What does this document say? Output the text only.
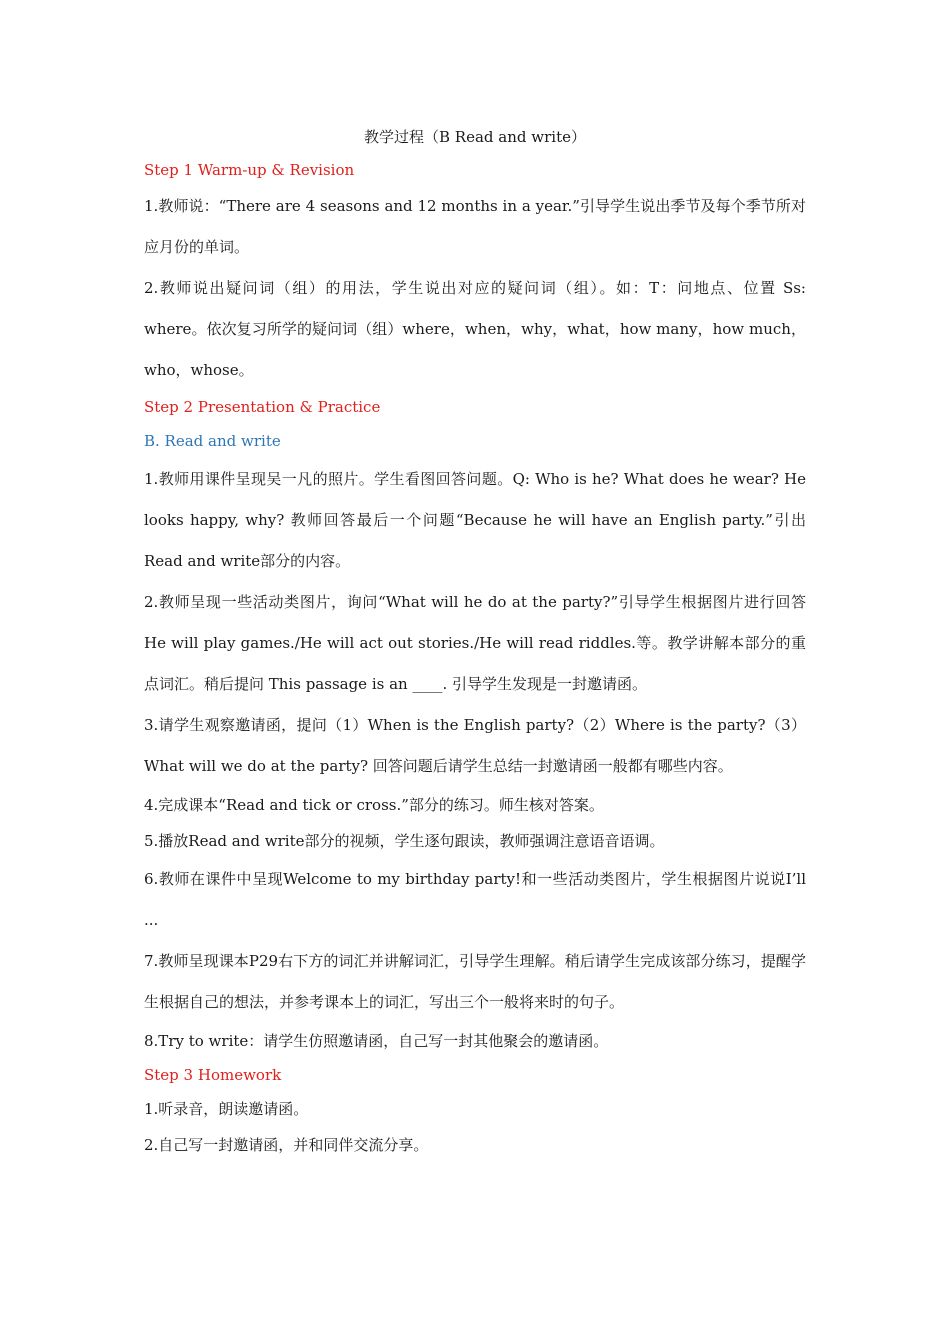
教学过程（B Read and write）

Step 1 Warm-up & Revision

1.教师说：“There are 4 seasons and 12 months in a year.”引导学生说出季节及每个季节所对应月份的单词。

2.教师说出疑问词（组）的用法，学生说出对应的疑问词（组）。如：T：问地点、位置 Ss: where。依次复习所学的疑问词（组）where，when，why，what，how many，how much，who，whose。

Step 2 Presentation & Practice

B. Read and write

1.教师用课件呈现吴一凡的照片。学生看图回答问题。Q: Who is he? What does he wear? He looks happy, why? 教师回答最后一个问题“Because he will have an English party.”引出Read and write部分的内容。

2.教师呈现一些活动类图片，询问“What will he do at the party?”引导学生根据图片进行回答He will play games./He will act out stories./He will read riddles.等。教学讲解本部分的重点词汇。稍后提问 This passage is an ____. 引导学生发现是一封邀请函。

3.请学生观察邀请函，提问（1）When is the English party?（2）Where is the party?（3）What will we do at the party? 回答问题后请学生总结一封邀请函一般都有哪些内容。

4.完成课本“Read and tick or cross.”部分的练习。师生核对答案。

5.播放Read and write部分的视频，学生逐句跟读，教师强调注意语音语调。

6.教师在课件中呈现Welcome to my birthday party!和一些活动类图片，学生根据图片说说I’ll ...

7.教师呈现课本P29右下方的词汇并讲解词汇，引导学生理解。稍后请学生完成该部分练习，提醒学生根据自己的想法，并参考课本上的词汇，写出三个一般将来时的句子。

8.Try to write：请学生仿照邀请函，自己写一封其他聚会的邀请函。

Step 3 Homework

1.听录音，朗读邀请函。

2.自己写一封邀请函，并和同伴交流分享。
